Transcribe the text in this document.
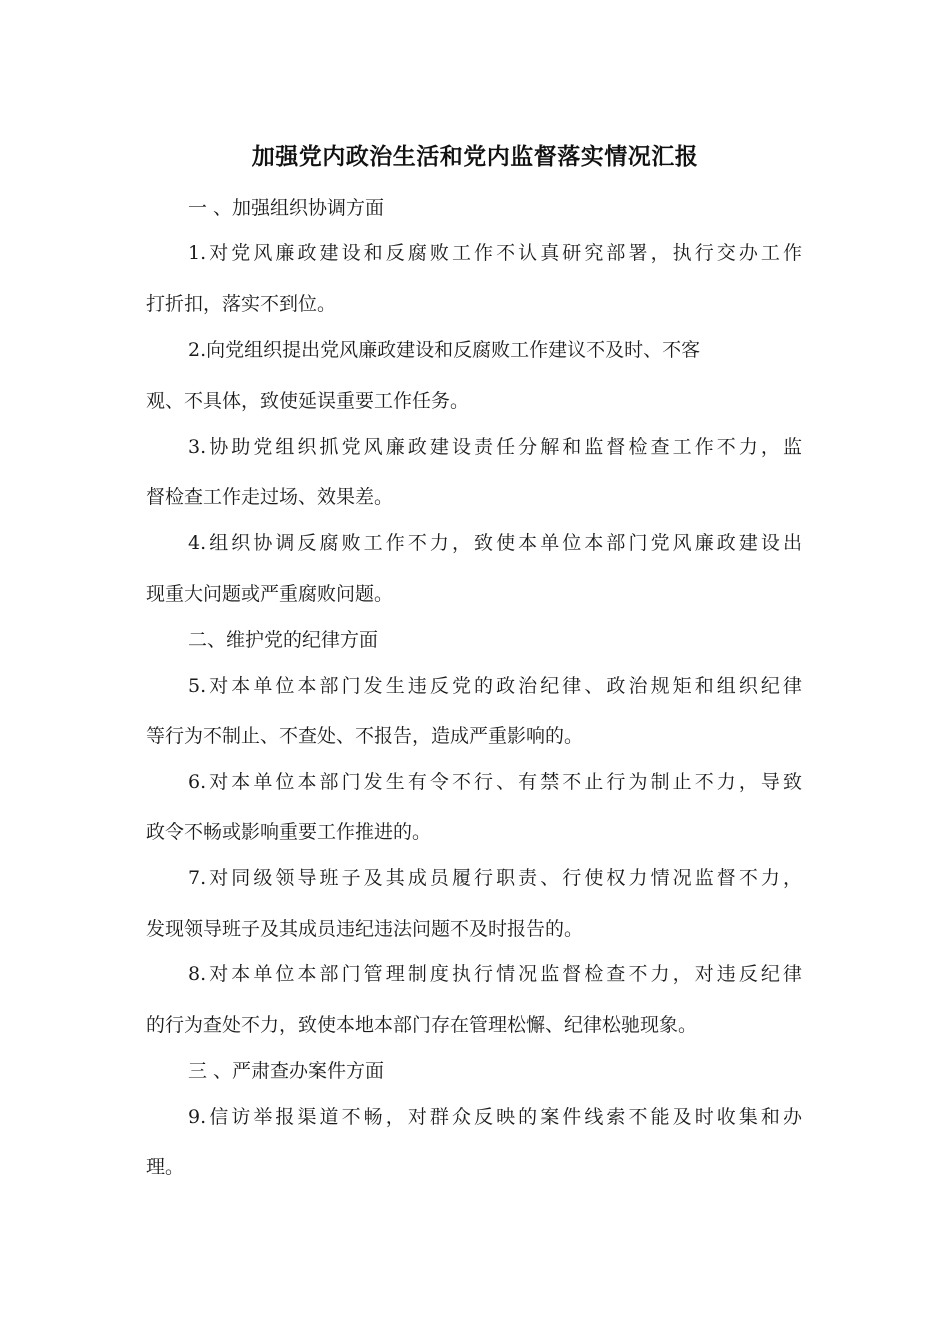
加强党内政治生活和党内监督落实情况汇报
一 、加强组织协调方面
1.对党风廉政建设和反腐败工作不认真研究部署，执行交办工作
打折扣，落实不到位。
2.向党组织提出党风廉政建设和反腐败工作建议不及时、不客
观、不具体，致使延误重要工作任务。
3.协助党组织抓党风廉政建设责任分解和监督检查工作不力，监
督检查工作走过场、效果差。
4.组织协调反腐败工作不力，致使本单位本部门党风廉政建设出
现重大问题或严重腐败问题。
二、维护党的纪律方面
5.对本单位本部门发生违反党的政治纪律、政治规矩和组织纪律
等行为不制止、不查处、不报告，造成严重影响的。
6.对本单位本部门发生有令不行、有禁不止行为制止不力，导致
政令不畅或影响重要工作推进的。
7.对同级领导班子及其成员履行职责、行使权力情况监督不力，
发现领导班子及其成员违纪违法问题不及时报告的。
8.对本单位本部门管理制度执行情况监督检查不力，对违反纪律
的行为查处不力，致使本地本部门存在管理松懈、纪律松驰现象。
三 、严肃查办案件方面
9.信访举报渠道不畅，对群众反映的案件线索不能及时收集和办
理。
